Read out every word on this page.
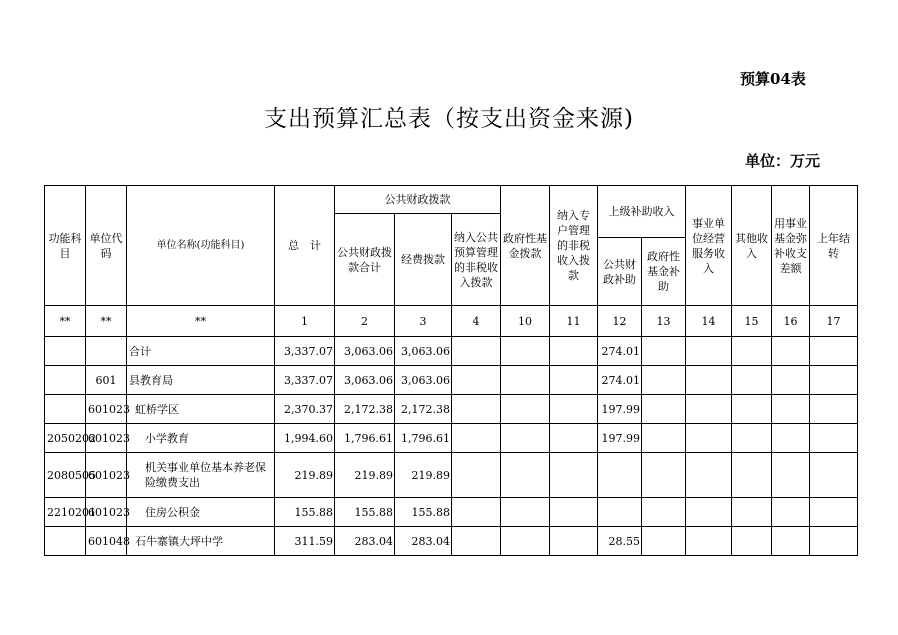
预算04表
支出预算汇总表（按支出资金来源)
单位：万元
功能科目	单位代码	单位名称(功能科目)	总　计	公共财政拨款			政府性基金拨款	纳入专户管理的非税收入拨款	上级补助收入		事业单位经营服务收入	其他收入	用事业基金弥补收支差额	上年结转
				公共财政拨款合计	经费拨款	纳入公共预算管理的非税收入拨款								
									公共财政补助	政府性基金补助				
**	**	**	1	2	3	4	10	11	12	13	14	15	16	17
		合计	3,337.07	3,063.06	3,063.06				274.01					
	601	县教育局	3,337.07	3,063.06	3,063.06				274.01					
	601023	虹桥学区	2,370.37	2,172.38	2,172.38				197.99					
2050202	601023	小学教育	1,994.60	1,796.61	1,796.61				197.99					
2080505	601023	机关事业单位基本养老保险缴费支出	219.89	219.89	219.89									
2210201	601023	住房公积金	155.88	155.88	155.88									
	601048	石牛寨镇大坪中学	311.59	283.04	283.04				28.55					
